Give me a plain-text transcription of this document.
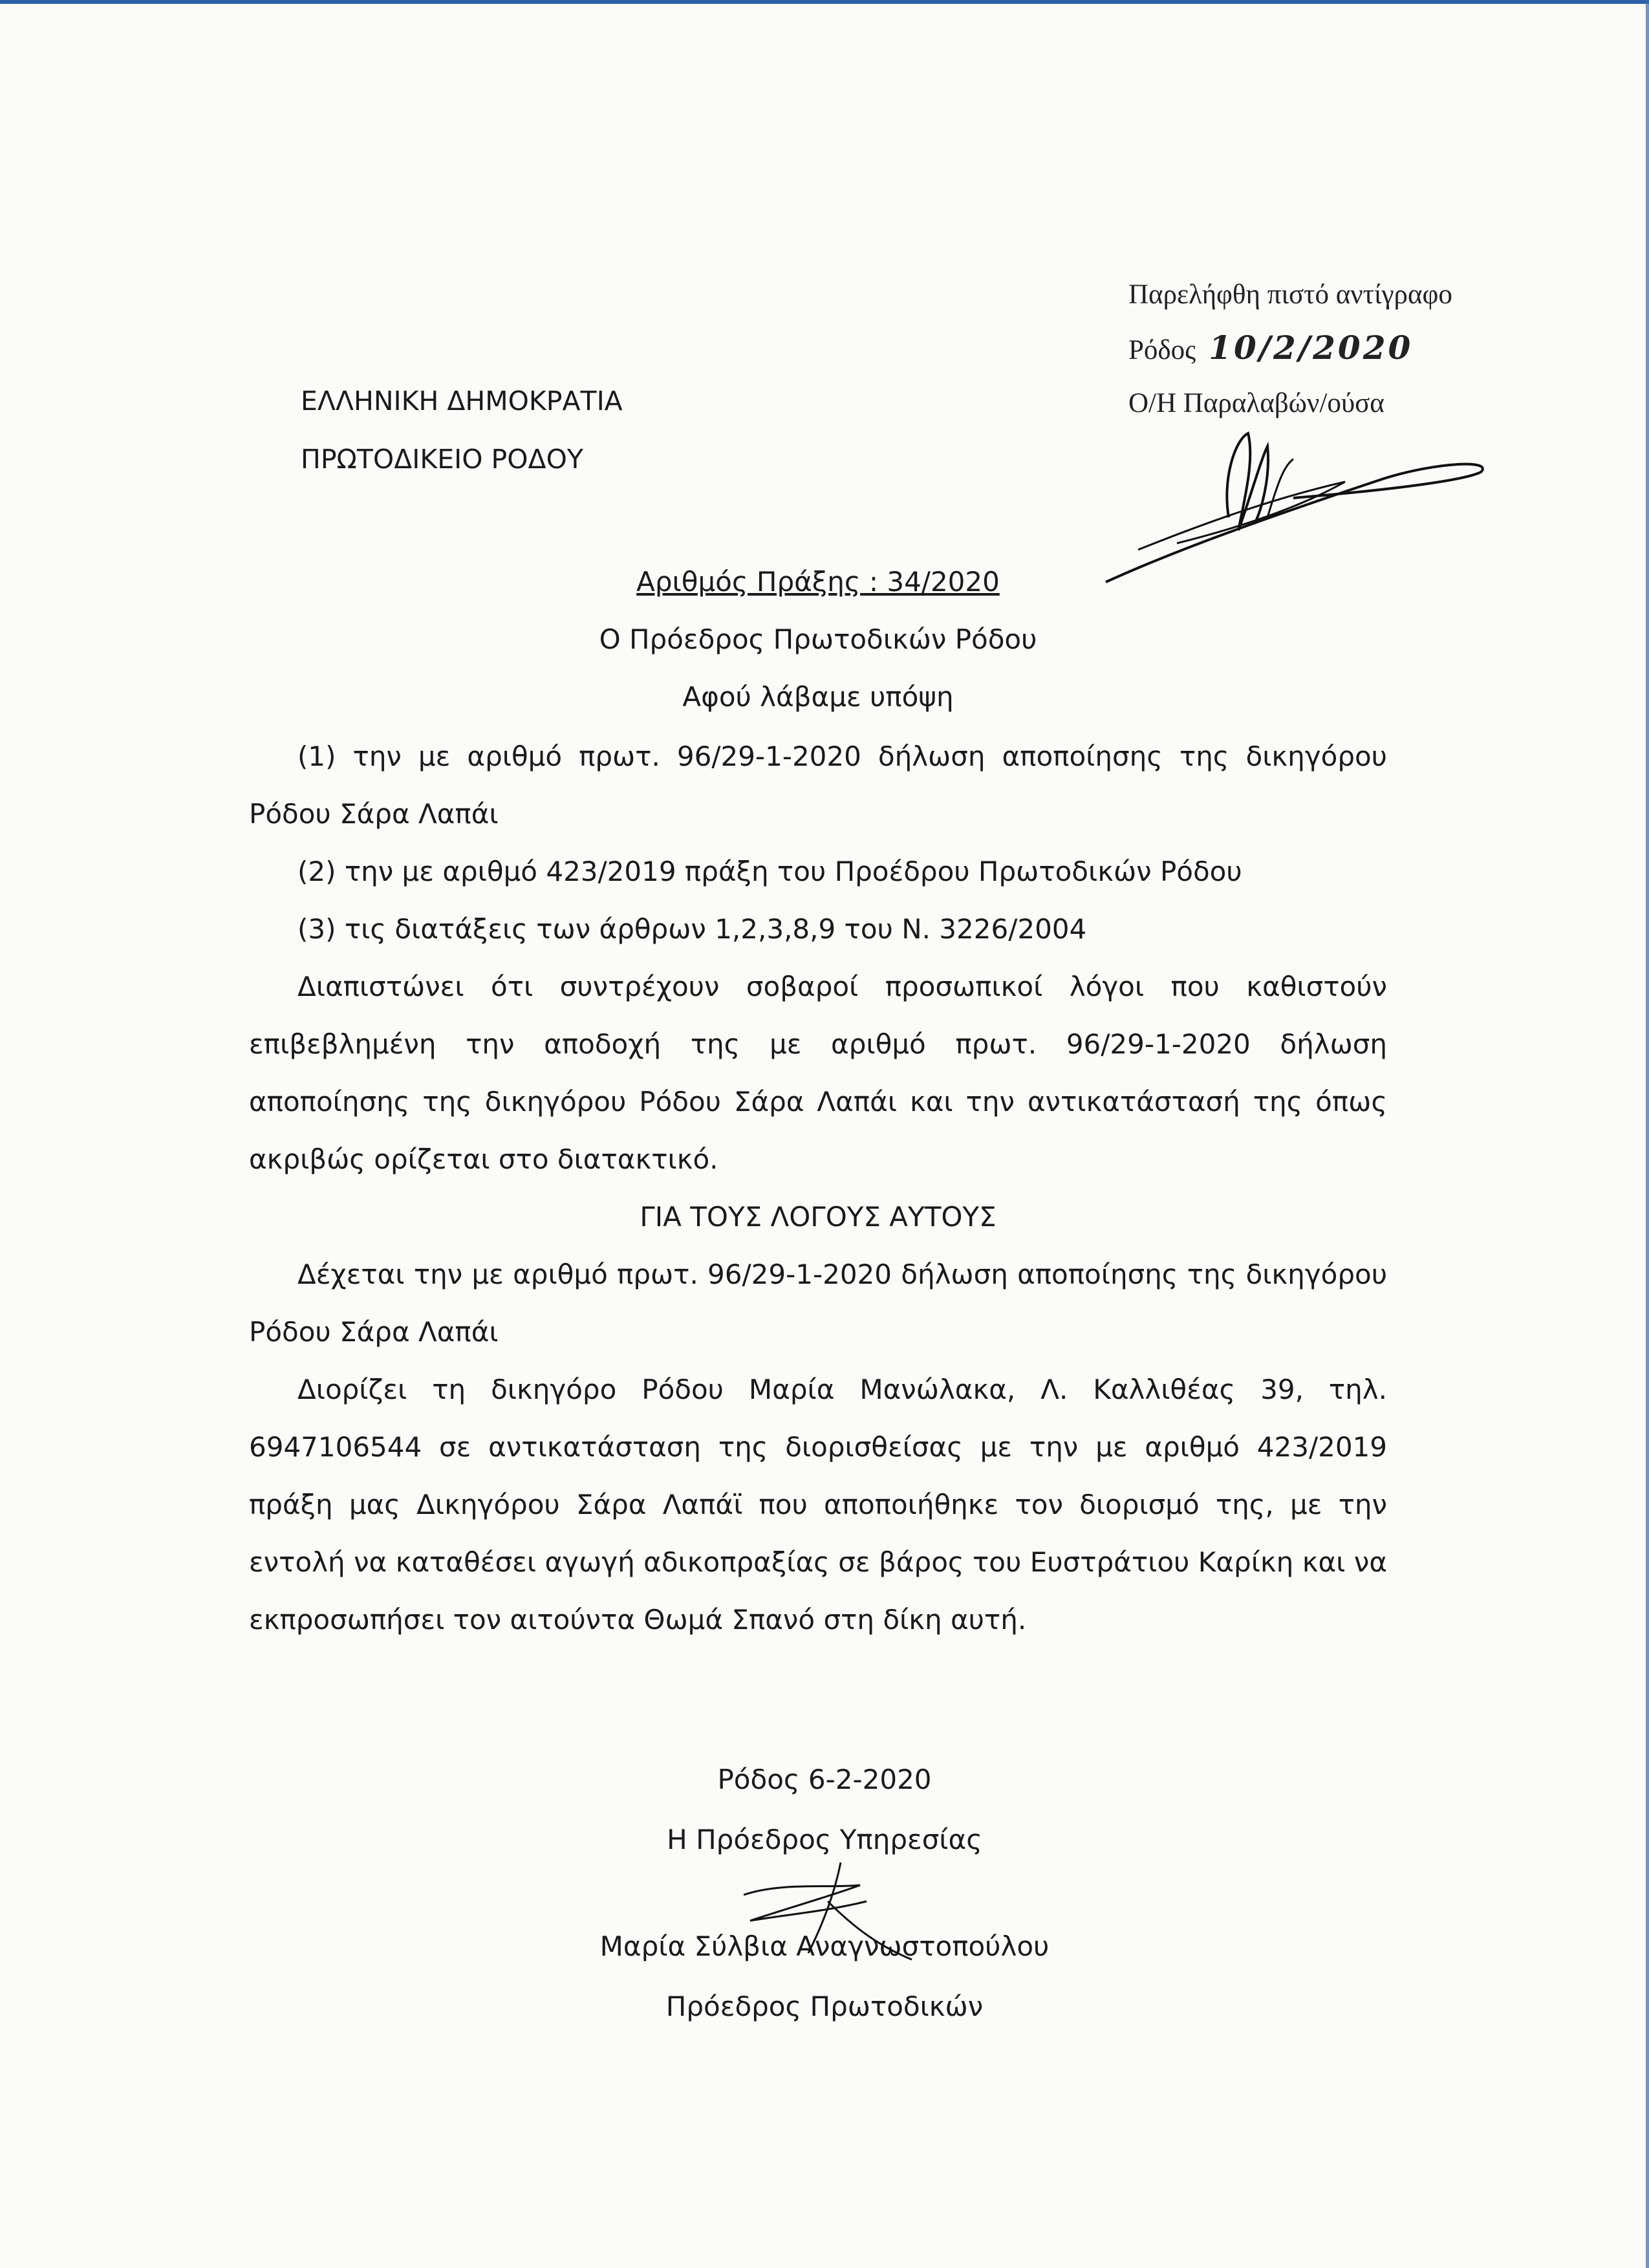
Παρελήφθη πιστό αντίγραφο
Ρόδος 10/2/2020
Ο/Η Παραλαβών/ούσα
ΕΛΛΗΝΙΚΗ ΔΗΜΟΚΡΑΤΙΑ
ΠΡΩΤΟΔΙΚΕΙΟ ΡΟΔΟΥ
Αριθμός Πράξης : 34/2020
Ο Πρόεδρος Πρωτοδικών Ρόδου
Αφού λάβαμε υπόψη

(1) την με αριθμό πρωτ. 96/29-1-2020 δήλωση αποποίησης της δικηγόρου Ρόδου Σάρα Λαπάι

(2) την με αριθμό 423/2019 πράξη του Προέδρου Πρωτοδικών Ρόδου

(3) τις διατάξεις των άρθρων 1,2,3,8,9 του Ν. 3226/2004

Διαπιστώνει ότι συντρέχουν σοβαροί προσωπικοί λόγοι που καθιστούν επιβεβλημένη την αποδοχή της με αριθμό πρωτ. 96/29-1-2020 δήλωση αποποίησης της δικηγόρου Ρόδου Σάρα Λαπάι και την αντικατάστασή της όπως ακριβώς ορίζεται στο διατακτικό.

ΓΙΑ ΤΟΥΣ ΛΟΓΟΥΣ ΑΥΤΟΥΣ

Δέχεται την με αριθμό πρωτ. 96/29-1-2020 δήλωση αποποίησης της δικηγόρου Ρόδου Σάρα Λαπάι

Διορίζει τη δικηγόρο Ρόδου Μαρία Μανώλακα, Λ. Καλλιθέας 39, τηλ. 6947106544 σε αντικατάσταση της διορισθείσας με την με αριθμό 423/2019 πράξη μας Δικηγόρου Σάρα Λαπάϊ που αποποιήθηκε τον διορισμό της, με την εντολή να καταθέσει αγωγή αδικοπραξίας σε βάρος του Ευστράτιου Καρίκη και να εκπροσωπήσει τον αιτούντα Θωμά Σπανό στη δίκη αυτή.

Ρόδος 6-2-2020
Η Πρόεδρος Υπηρεσίας
Μαρία Σύλβια Αναγνωστοπούλου
Πρόεδρος Πρωτοδικών
